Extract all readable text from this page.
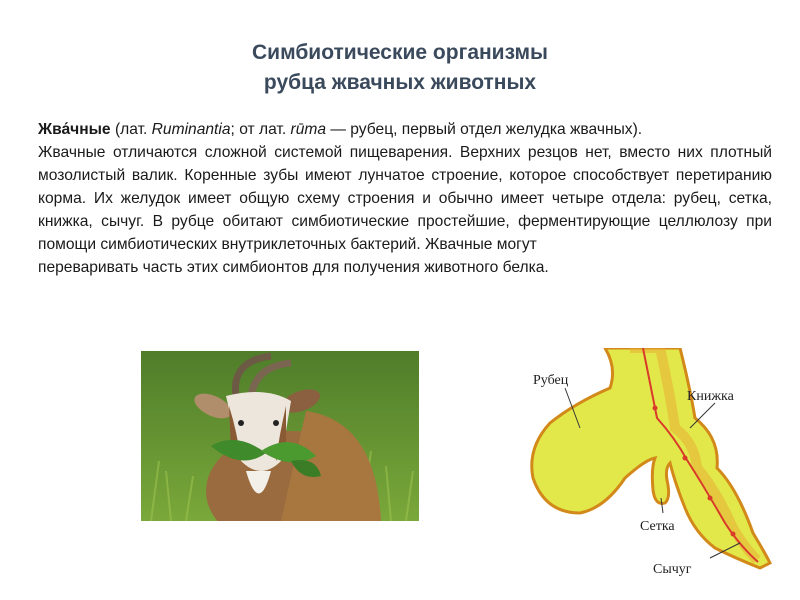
Симбиотические организмы
рубца жвачных животных

Жва́чные (лат. Ruminantia; от лат. rūma — рубец, первый отдел желудка жвачных).

Жвачные отличаются сложной системой пищеварения. Верхних резцов нет, вместо них плотный мозолистый валик. Коренные зубы имеют лунчатое строение, которое способствует перетиранию корма. Их желудок имеет общую схему строения и обычно имеет четыре отдела: рубец, сетка, книжка, сычуг. В рубце обитают симбиотические простейшие, ферментирующие целлюлозу при помощи симбиотических внутриклеточных бактерий. Жвачные могут

переваривать часть этих симбионтов для получения животного белка.

Рубец
Книжка
Сетка
Сычуг
